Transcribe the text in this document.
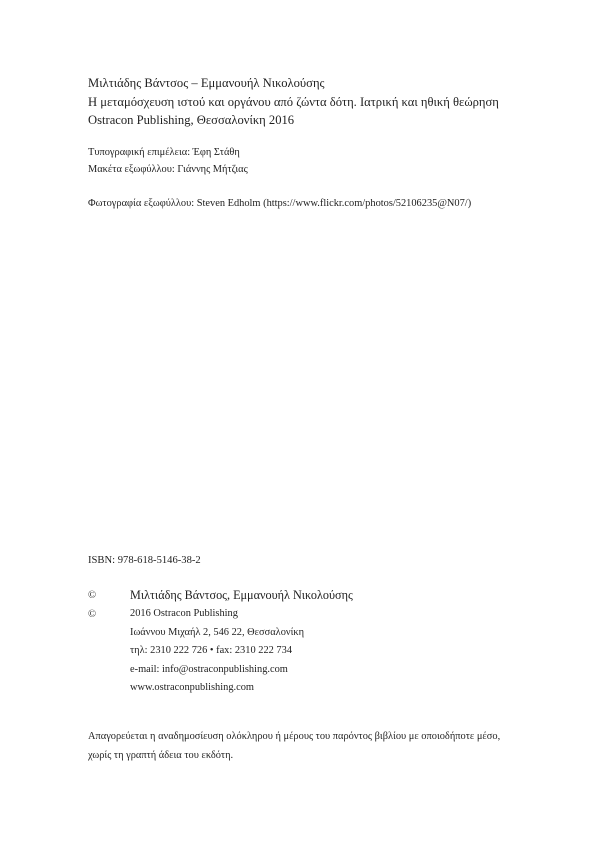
Μιλτιάδης Βάντσος – Εμμανουήλ Νικολούσης
Η μεταμόσχευση ιστού και οργάνου από ζώντα δότη. Ιατρική και ηθική θεώρηση
Ostracon Publishing, Θεσσαλονίκη 2016
Τυπογραφική επιμέλεια: Έφη Στάθη
Μακέτα εξωφύλλου: Γιάννης Μήτζιας
Φωτογραφία εξωφύλλου: Steven Edholm (https://www.flickr.com/photos/52106235@N07/)
ISBN: 978-618-5146-38-2
©	Μιλτιάδης Βάντσος, Εμμανουήλ Νικολούσης
©	2016 Ostracon Publishing
Ιωάννου Μιχαήλ 2, 546 22, Θεσσαλονίκη
τηλ: 2310 222 726 • fax: 2310 222 734
e-mail: info@ostraconpublishing.com
www.ostraconpublishing.com
Απαγορεύεται η αναδημοσίευση ολόκληρου ή μέρους του παρόντος βιβλίου με οποιοδήποτε μέσο,
χωρίς τη γραπτή άδεια του εκδότη.
